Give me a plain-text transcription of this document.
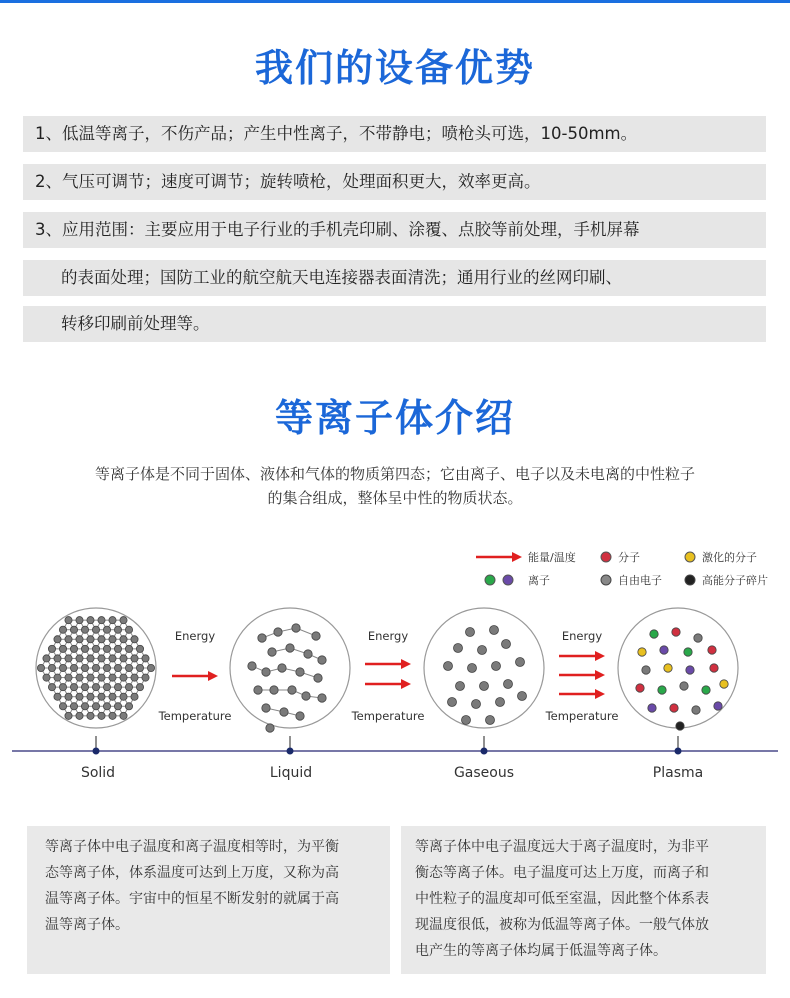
我们的设备优势
1、低温等离子，不伤产品；产生中性离子，不带静电；喷枪头可选，10-50mm。
2、气压可调节；速度可调节；旋转喷枪，处理面积更大，效率更高。
3、应用范围：主要应用于电子行业的手机壳印刷、涂覆、点胶等前处理，手机屏幕
的表面处理；国防工业的航空航天电连接器表面清洗；通用行业的丝网印刷、
转移印刷前处理等。
等离子体介绍
等离子体是不同于固体、液体和气体的物质第四态；它由离子、电子以及未电离的中性粒子
的集合组成，整体呈中性的物质状态。
能量/温度	分子	激化的分子
离子	自由电子	高能分子碎片
Energy
Temperature
Energy
Temperature
Energy
Temperature
Solid	Liquid	Gaseous	Plasma
等离子体中电子温度和离子温度相等时，为平衡
态等离子体，体系温度可达到上万度，又称为高
温等离子体。宇宙中的恒星不断发射的就属于高
温等离子体。
等离子体中电子温度远大于离子温度时，为非平
衡态等离子体。电子温度可达上万度，而离子和
中性粒子的温度却可低至室温，因此整个体系表
现温度很低，被称为低温等离子体。一般气体放
电产生的等离子体均属于低温等离子体。
